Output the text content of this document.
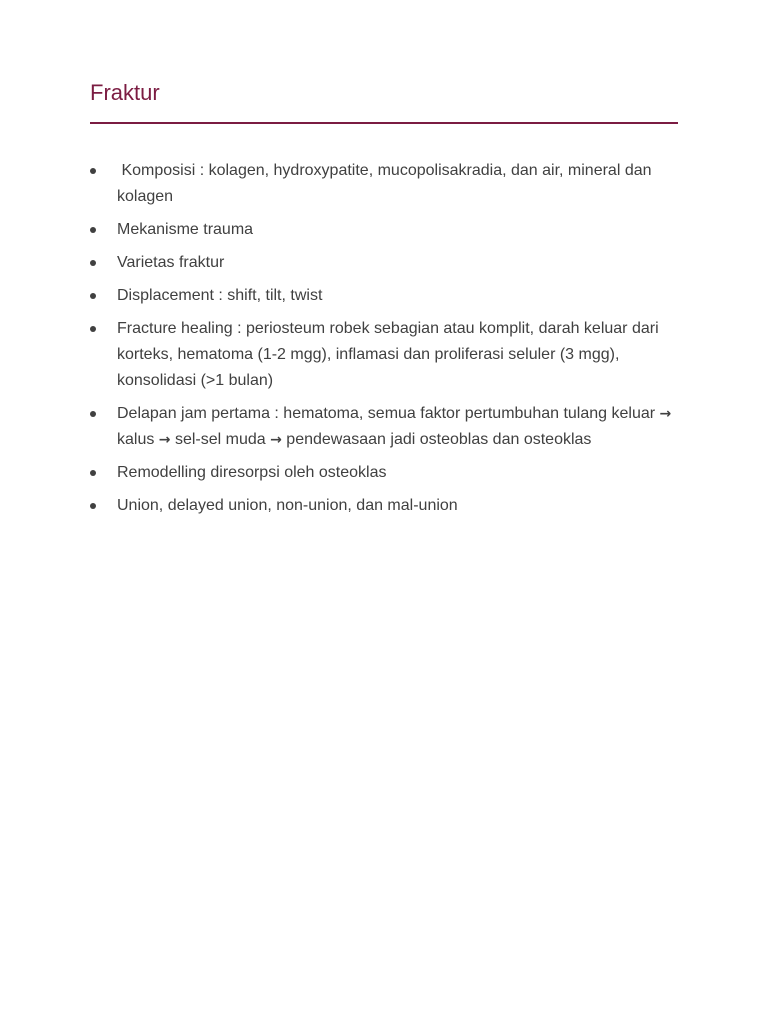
Fraktur
Komposisi : kolagen, hydroxypatite, mucopolisakradia, dan air, mineral dan kolagen
Mekanisme trauma
Varietas fraktur
Displacement : shift, tilt, twist
Fracture healing : periosteum robek sebagian atau komplit, darah keluar dari korteks, hematoma (1-2 mgg), inflamasi dan proliferasi seluler (3 mgg), konsolidasi (>1 bulan)
Delapan jam pertama : hematoma, semua faktor pertumbuhan tulang keluar → kalus → sel-sel muda → pendewasaan jadi osteoblas dan osteoklas
Remodelling diresorpsi oleh osteoklas
Union, delayed union, non-union, dan mal-union
